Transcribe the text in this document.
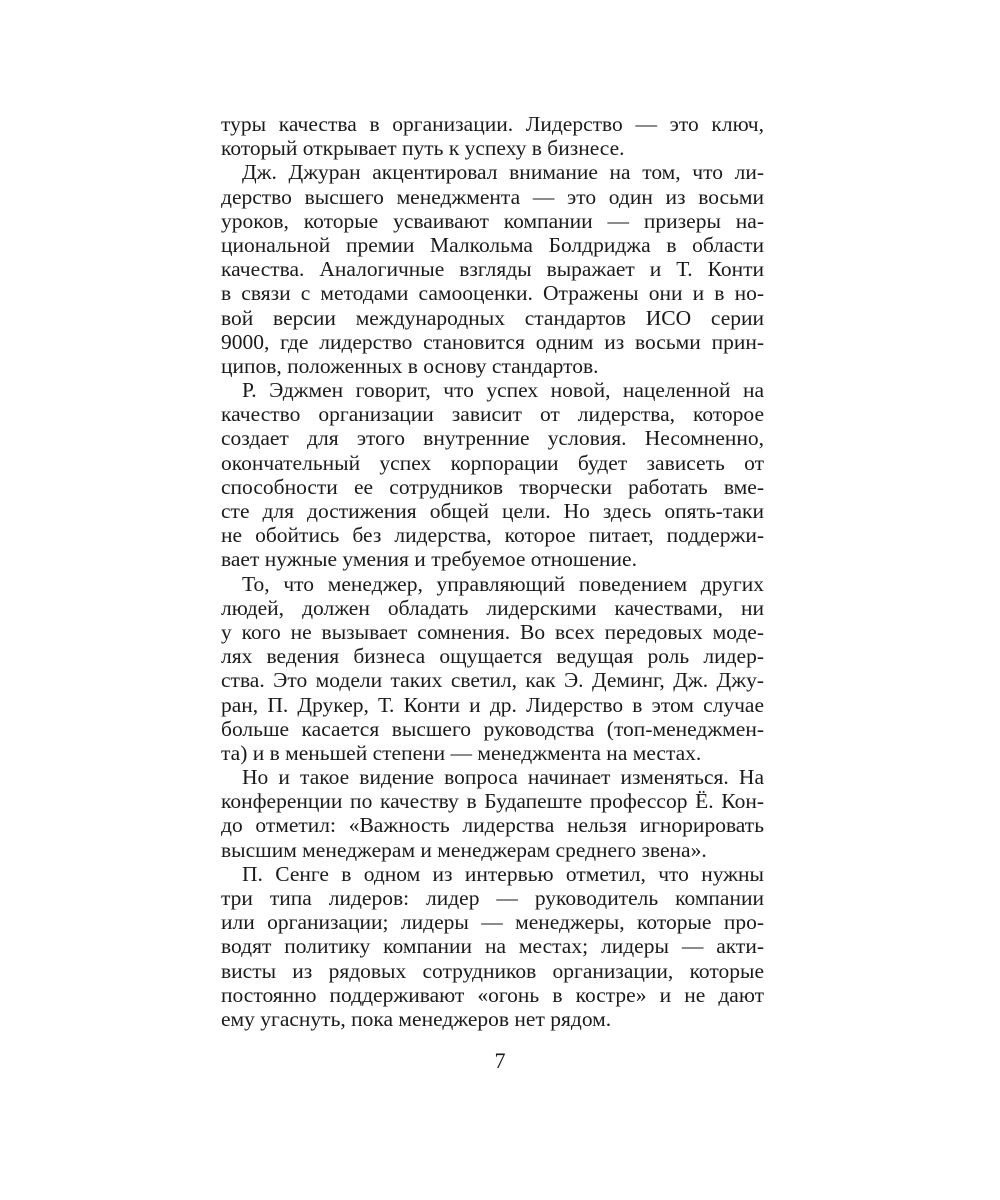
туры качества в организации. Лидерство — это ключ,
который открывает путь к успеху в бизнесе.
Дж. Джуран акцентировал внимание на том, что ли-
дерство высшего менеджмента — это один из восьми
уроков, которые усваивают компании — призеры на-
циональной премии Малкольма Болдриджа в области
качества. Аналогичные взгляды выражает и Т. Конти
в связи с методами самооценки. Отражены они и в но-
вой версии международных стандартов ИСО серии
9000, где лидерство становится одним из восьми прин-
ципов, положенных в основу стандартов.
Р. Эджмен говорит, что успех новой, нацеленной на
качество организации зависит от лидерства, которое
создает для этого внутренние условия. Несомненно,
окончательный успех корпорации будет зависеть от
способности ее сотрудников творчески работать вме-
сте для достижения общей цели. Но здесь опять-таки
не обойтись без лидерства, которое питает, поддержи-
вает нужные умения и требуемое отношение.
То, что менеджер, управляющий поведением других
людей, должен обладать лидерскими качествами, ни
у кого не вызывает сомнения. Во всех передовых моде-
лях ведения бизнеса ощущается ведущая роль лидер-
ства. Это модели таких светил, как Э. Деминг, Дж. Джу-
ран, П. Друкер, Т. Конти и др. Лидерство в этом случае
больше касается высшего руководства (топ-менеджмен-
та) и в меньшей степени — менеджмента на местах.
Но и такое видение вопроса начинает изменяться. На
конференции по качеству в Будапеште профессор Ё. Кон-
до отметил: «Важность лидерства нельзя игнорировать
высшим менеджерам и менеджерам среднего звена».
П. Сенге в одном из интервью отметил, что нужны
три типа лидеров: лидер — руководитель компании
или организации; лидеры — менеджеры, которые про-
водят политику компании на местах; лидеры — акти-
висты из рядовых сотрудников организации, которые
постоянно поддерживают «огонь в костре» и не дают
ему угаснуть, пока менеджеров нет рядом.
7
